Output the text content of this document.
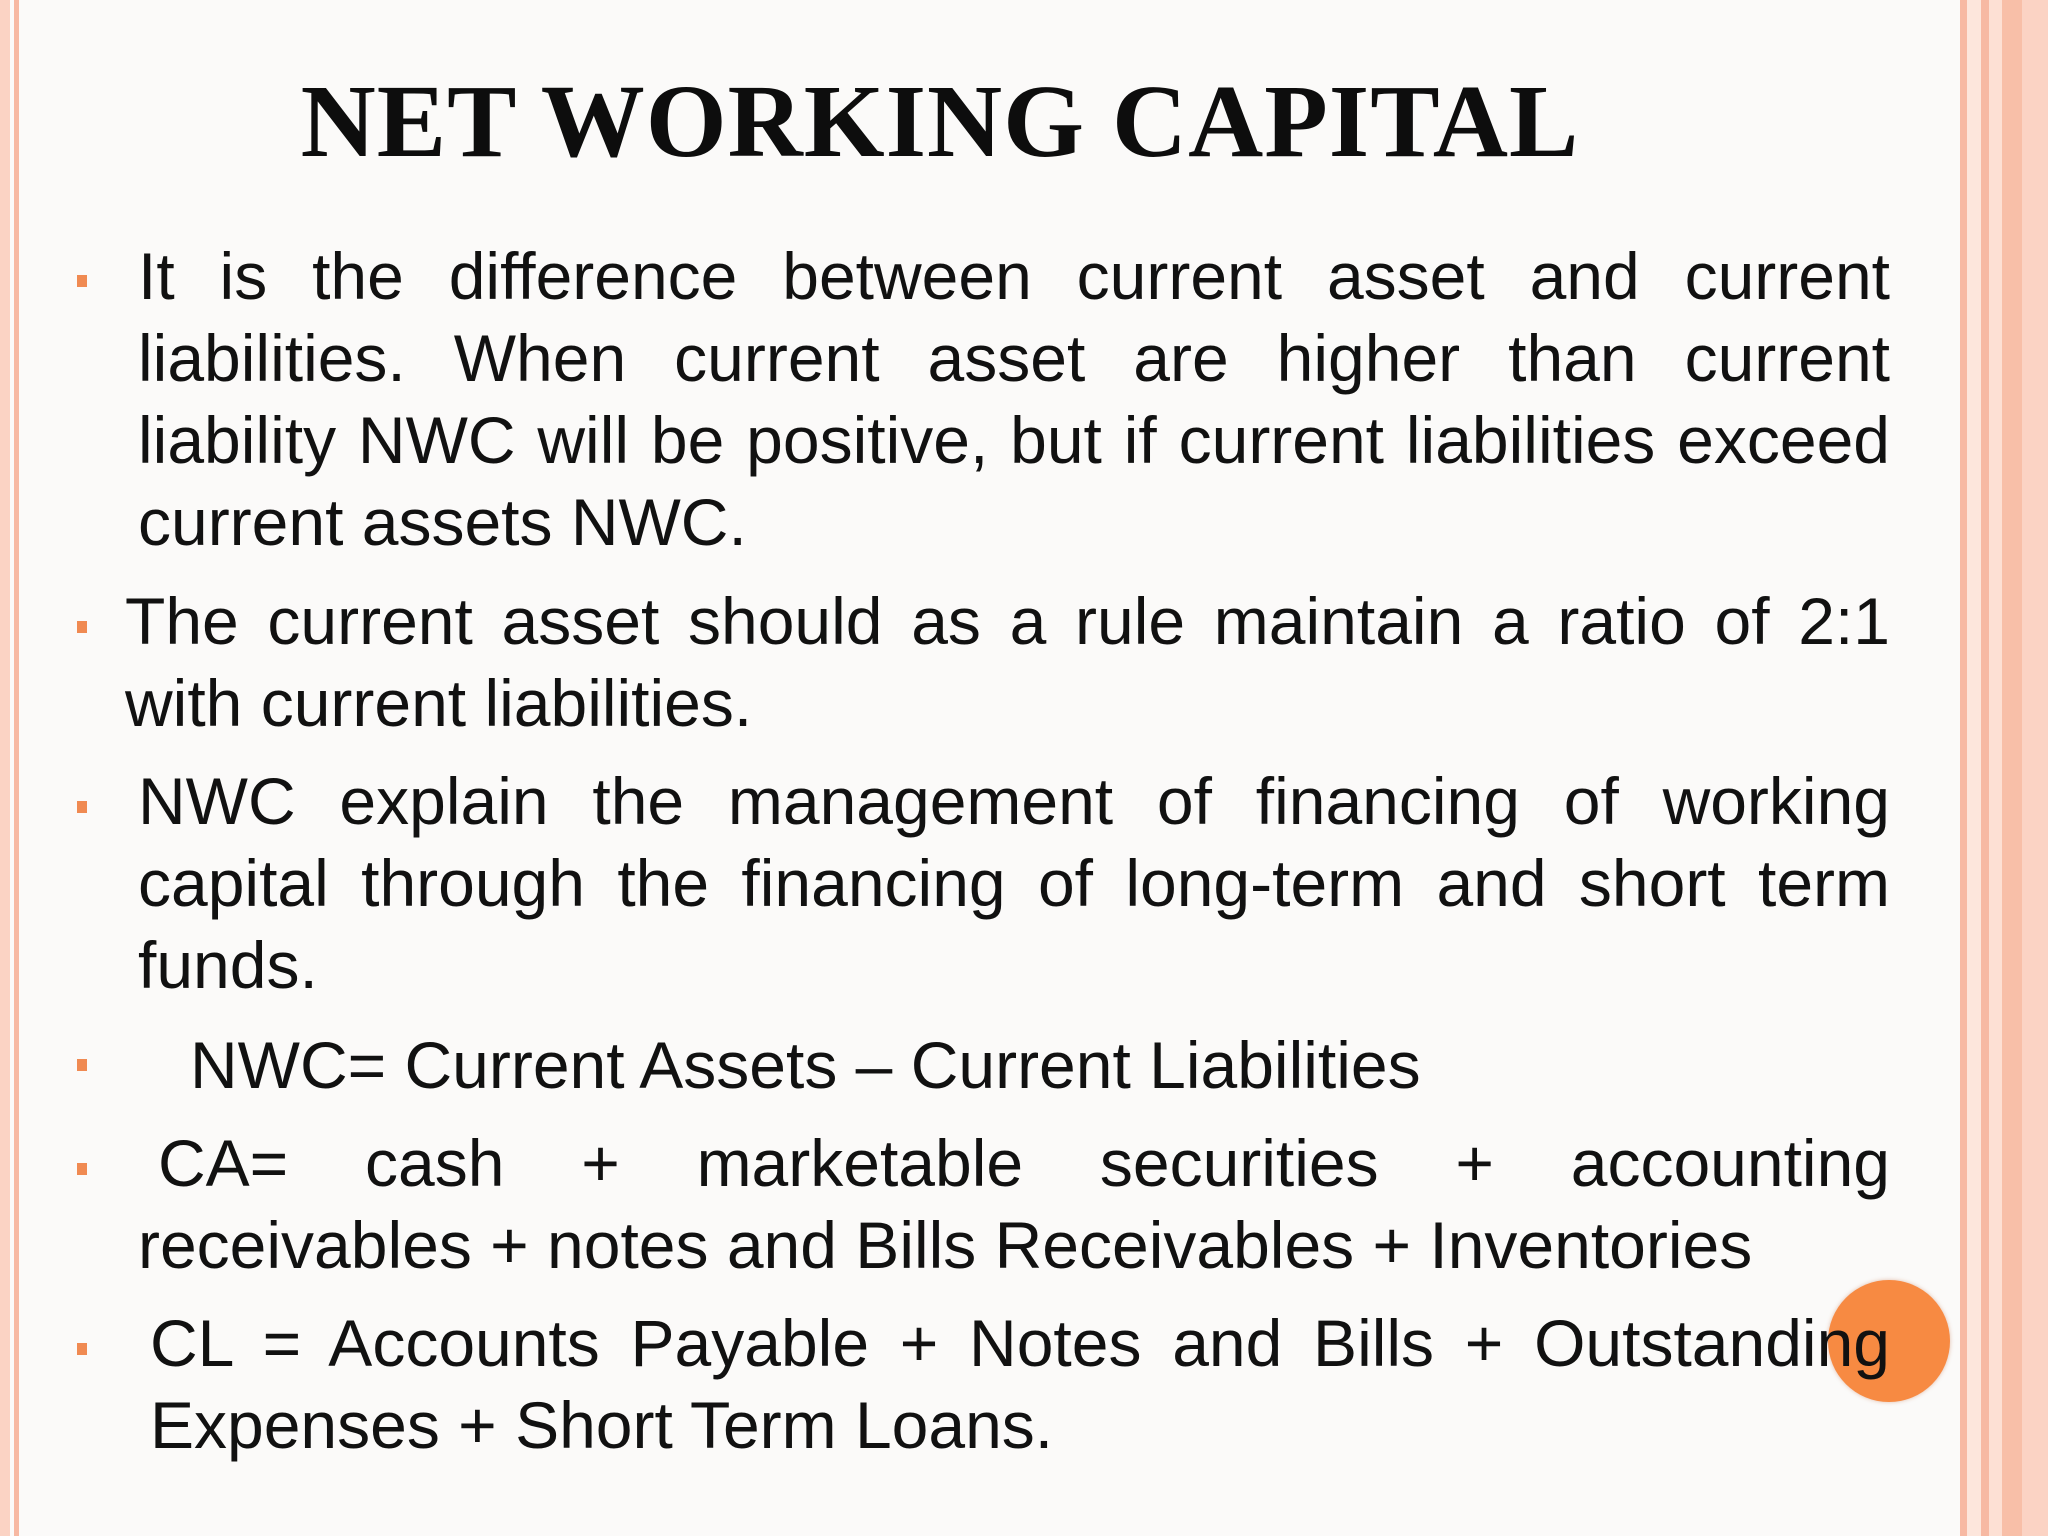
NET WORKING CAPITAL
It is the difference between current asset and current liabilities. When current asset are higher than current liability NWC will be positive, but if current liabilities exceed current assets NWC.
The current asset should as a rule maintain a ratio of 2:1 with current liabilities.
NWC explain the management of financing of working capital through the financing of long-term and short term funds.
NWC= Current Assets – Current Liabilities
CA= cash + marketable securities + accounting receivables + notes and Bills Receivables + Inventories
CL = Accounts Payable + Notes and Bills + Outstanding Expenses + Short Term Loans.
